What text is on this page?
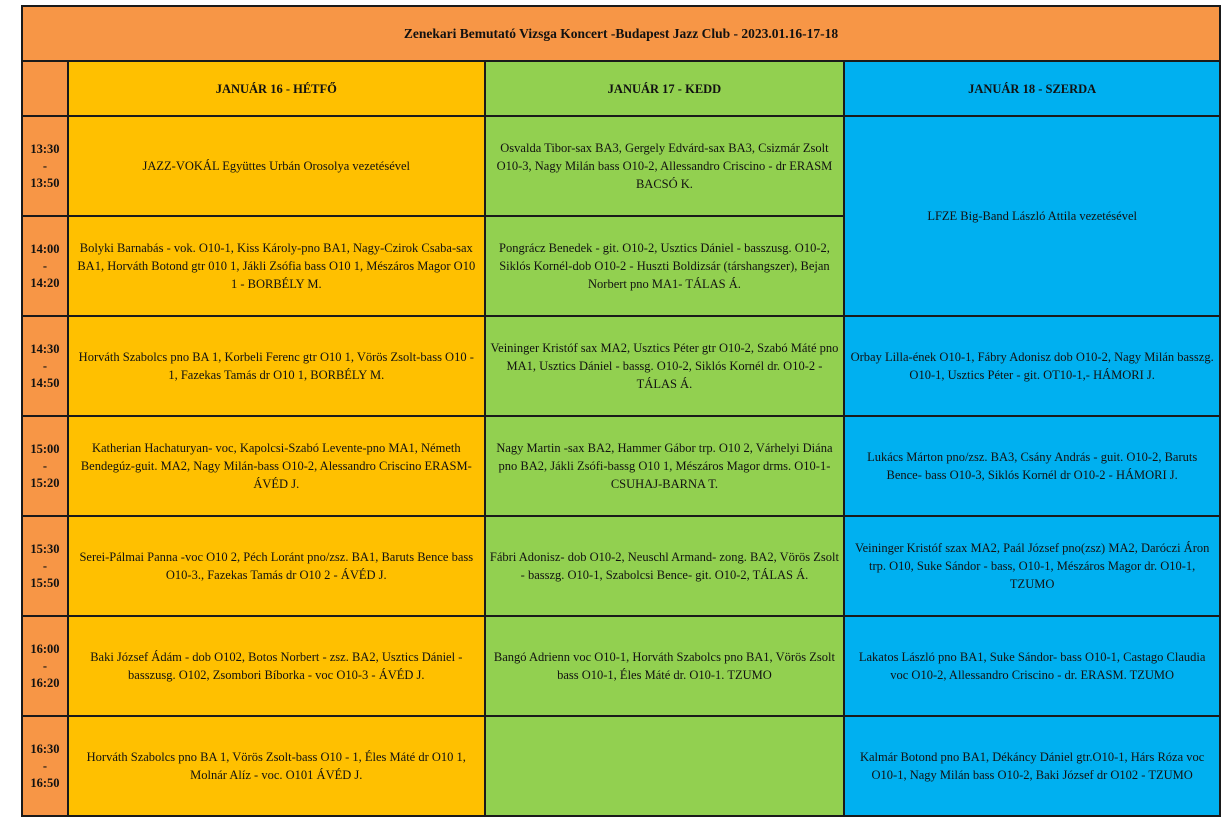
Zenekari Bemutató Vizsga Koncert -Budapest Jazz Club - 2023.01.16-17-18			
	JANUÁR 16 - HÉTFŐ	JANUÁR 17 - KEDD	JANUÁR 18 - SZERDA

13:30
-
13:50	JAZZ-VOKÁL Együttes Urbán Orosolya vezetésével	Osvalda Tibor-sax BA3, Gergely Edvárd-sax BA3, Csizmár Zsolt O10-3, Nagy Milán bass O10-2, Allessandro Criscino - dr ERASM BACSÓ K.	LFZE Big-Band László Attila vezetésével

14:00
-
14:20	Bolyki Barnabás - vok. O10-1, Kiss Károly-pno BA1, Nagy-Czirok Csaba-sax BA1, Horváth Botond gtr 010 1, Jákli Zsófia bass O10 1, Mészáros Magor O10 1 - BORBÉLY M.	Pongrácz Benedek - git. O10-2, Usztics Dániel - basszusg. O10-2, Siklós Kornél-dob O10-2 - Huszti Boldizsár (társhangszer), Bejan Norbert pno MA1- TÁLAS Á.	

14:30
-
14:50	Horváth Szabolcs pno BA 1, Korbeli Ferenc gtr O10 1, Vörös Zsolt-bass O10 - 1, Fazekas Tamás dr O10 1, BORBÉLY M.	Veininger Kristóf sax MA2, Usztics Péter gtr O10-2, Szabó Máté pno MA1, Usztics Dániel - bassg. O10-2, Siklós Kornél dr. O10-2 - TÁLAS Á.	Orbay Lilla-ének O10-1, Fábry Adonisz dob O10-2, Nagy Milán basszg. O10-1, Usztics Péter - git. OT10-1,- HÁMORI J.

15:00
-
15:20	Katherian Hachaturyan- voc, Kapolcsi-Szabó Levente-pno MA1, Németh Bendegúz-guit. MA2, Nagy Milán-bass O10-2, Alessandro Criscino ERASM- ÁVÉD J.	Nagy Martin -sax BA2, Hammer Gábor trp. O10 2, Várhelyi Diána pno BA2, Jákli Zsófi-bassg O10 1, Mészáros Magor drms. O10-1- CSUHAJ-BARNA T.	Lukács Márton pno/zsz. BA3, Csány András - guit. O10-2, Baruts Bence- bass O10-3, Siklós Kornél dr O10-2 - HÁMORI J.

15:30
-
15:50	Serei-Pálmai Panna -voc O10 2, Péch Loránt pno/zsz. BA1, Baruts Bence bass O10-3., Fazekas Tamás dr O10 2 - ÁVÉD J.	Fábri Adonisz- dob O10-2, Neuschl Armand- zong. BA2, Vörös Zsolt - basszg. O10-1, Szabolcsi Bence- git. O10-2, TÁLAS Á.	Veininger Kristóf szax MA2, Paál József pno(zsz) MA2, Daróczi Áron trp. O10, Suke Sándor - bass, O10-1, Mészáros Magor dr. O10-1, TZUMO

16:00
-
16:20	Baki József Ádám - dob O102, Botos Norbert - zsz. BA2, Usztics Dániel - basszusg. O102, Zsombori Bíborka - voc O10-3 - ÁVÉD J.	Bangó Adrienn voc O10-1, Horváth Szabolcs pno BA1, Vörös Zsolt bass O10-1, Éles Máté dr. O10-1. TZUMO	Lakatos László pno BA1, Suke Sándor- bass O10-1, Castago Claudia voc O10-2, Allessandro Criscino - dr. ERASM. TZUMO

16:30
-
16:50	Horváth Szabolcs pno BA 1, Vörös Zsolt-bass O10 - 1, Éles Máté dr O10 1, Molnár Alíz - voc. O101 ÁVÉD J.		Kalmár Botond pno BA1, Dékáncy Dániel gtr.O10-1, Hárs Róza voc O10-1, Nagy Milán bass O10-2, Baki József dr O102 - TZUMO
